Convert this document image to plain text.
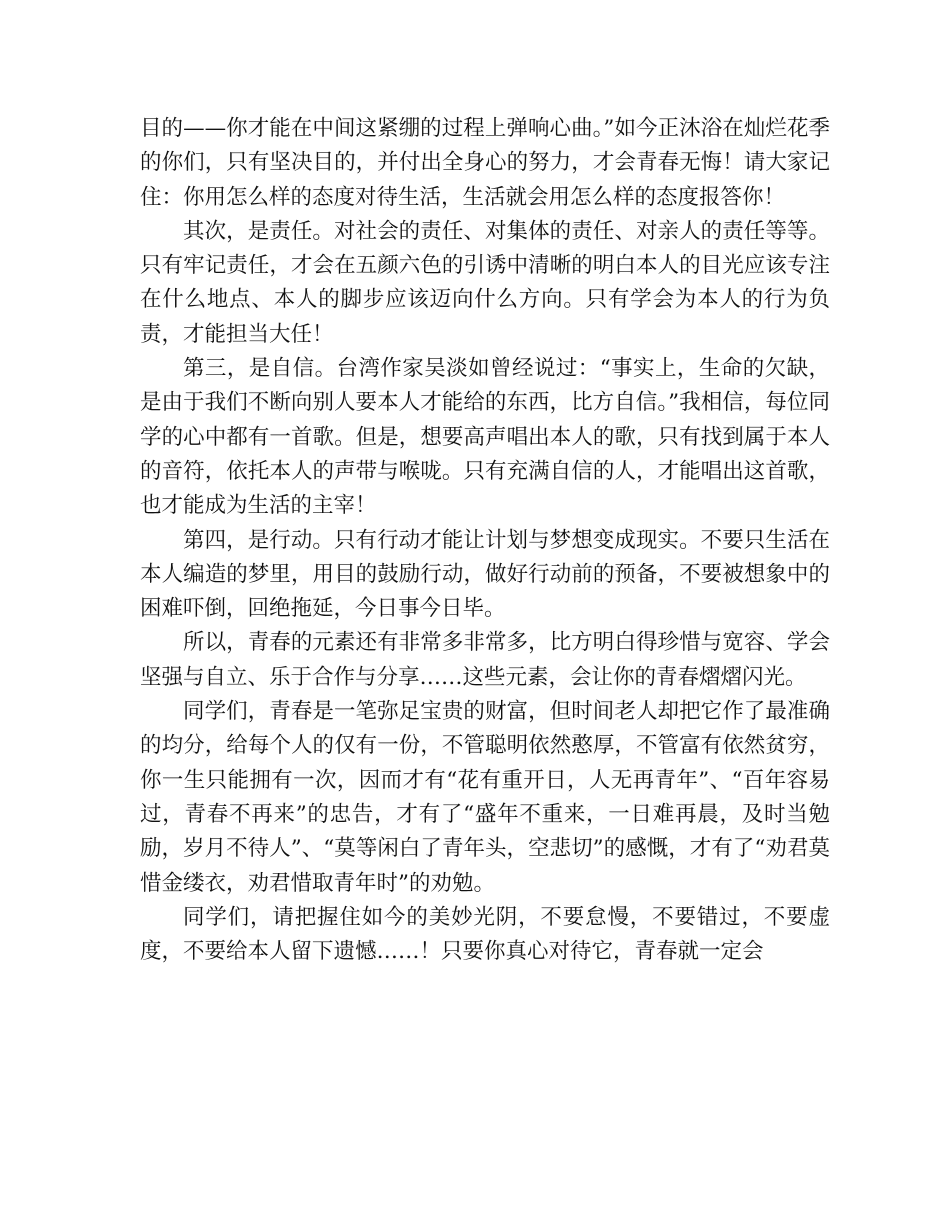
目的——你才能在中间这紧绷的过程上弹响心曲。”如今正沐浴在灿烂花季的你们，只有坚决目的，并付出全身心的努力，才会青春无悔！请大家记住：你用怎么样的态度对待生活，生活就会用怎么样的态度报答你！

其次，是责任。对社会的责任、对集体的责任、对亲人的责任等等。只有牢记责任，才会在五颜六色的引诱中清晰的明白本人的目光应该专注在什么地点、本人的脚步应该迈向什么方向。只有学会为本人的行为负责，才能担当大任！

第三，是自信。台湾作家吴淡如曾经说过：“事实上，生命的欠缺，是由于我们不断向别人要本人才能给的东西，比方自信。”我相信，每位同学的心中都有一首歌。但是，想要高声唱出本人的歌，只有找到属于本人的音符，依托本人的声带与喉咙。只有充满自信的人，才能唱出这首歌，也才能成为生活的主宰！

第四，是行动。只有行动才能让计划与梦想变成现实。不要只生活在本人编造的梦里，用目的鼓励行动，做好行动前的预备，不要被想象中的困难吓倒，回绝拖延，今日事今日毕。

所以，青春的元素还有非常多非常多，比方明白得珍惜与宽容、学会坚强与自立、乐于合作与分享……这些元素，会让你的青春熠熠闪光。

同学们，青春是一笔弥足宝贵的财富，但时间老人却把它作了最准确的均分，给每个人的仅有一份，不管聪明依然憨厚，不管富有依然贫穷，你一生只能拥有一次，因而才有“花有重开日，人无再青年”、“百年容易过，青春不再来”的忠告，才有了“盛年不重来，一日难再晨，及时当勉励，岁月不待人”、“莫等闲白了青年头，空悲切”的感慨，才有了“劝君莫惜金缕衣，劝君惜取青年时”的劝勉。

同学们，请把握住如今的美妙光阴，不要怠慢，不要错过，不要虚度，不要给本人留下遗憾……！只要你真心对待它，青春就一定会
